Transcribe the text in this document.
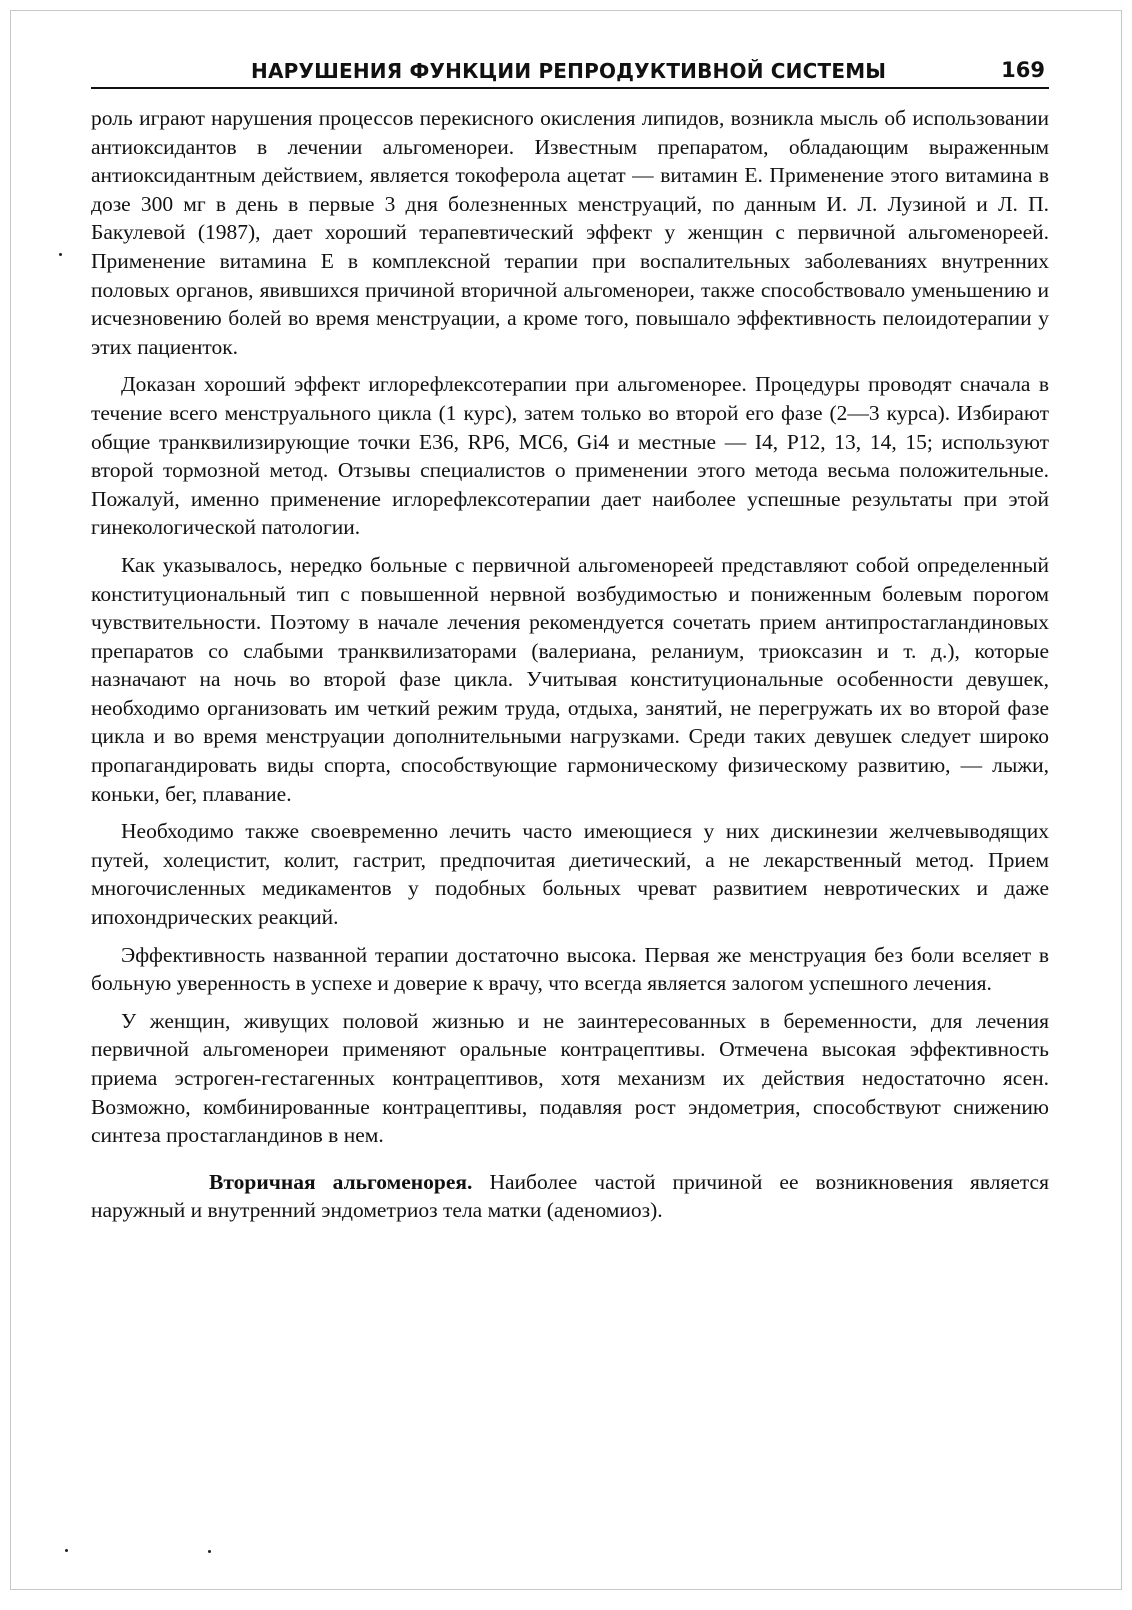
НАРУШЕНИЯ ФУНКЦИИ РЕПРОДУКТИВНОЙ СИСТЕМЫ	169

роль играют нарушения процессов перекисного окисления липидов, возникла мысль об использовании антиоксидантов в лечении альгоменореи. Известным препаратом, обладающим выраженным антиоксидантным действием, является токоферола ацетат — витамин Е. Применение этого витамина в дозе 300 мг в день в первые 3 дня болезненных менструаций, по данным И. Л. Лузиной и Л. П. Бакулевой (1987), дает хороший терапевтический эффект у женщин с первичной альгоменореей. Применение витамина Е в комплексной терапии при воспалительных заболеваниях внутренних половых органов, явившихся причиной вторичной альгоменореи, также способствовало уменьшению и исчезновению болей во время менструации, а кроме того, повышало эффективность пелоидотерапии у этих пациенток.

Доказан хороший эффект иглорефлексотерапии при альгоменорее. Процедуры проводят сначала в течение всего менструального цикла (1 курс), затем только во второй его фазе (2—3 курса). Избирают общие транквилизирующие точки E36, RP6, MC6, Gi4 и местные — I4, P12, 13, 14, 15; используют второй тормозной метод. Отзывы специалистов о применении этого метода весьма положительные. Пожалуй, именно применение иглорефлексотерапии дает наиболее успешные результаты при этой гинекологической патологии.

Как указывалось, нередко больные с первичной альгоменореей представляют собой определенный конституциональный тип с повышенной нервной возбудимостью и пониженным болевым порогом чувствительности. Поэтому в начале лечения рекомендуется сочетать прием антипростагландиновых препаратов со слабыми транквилизаторами (валериана, реланиум, триоксазин и т. д.), которые назначают на ночь во второй фазе цикла. Учитывая конституциональные особенности девушек, необходимо организовать им четкий режим труда, отдыха, занятий, не перегружать их во второй фазе цикла и во время менструации дополнительными нагрузками. Среди таких девушек следует широко пропагандировать виды спорта, способствующие гармоническому физическому развитию, — лыжи, коньки, бег, плавание.

Необходимо также своевременно лечить часто имеющиеся у них дискинезии желчевыводящих путей, холецистит, колит, гастрит, предпочитая диетический, а не лекарственный метод. Прием многочисленных медикаментов у подобных больных чреват развитием невротических и даже ипохондрических реакций.

Эффективность названной терапии достаточно высока. Первая же менструация без боли вселяет в больную уверенность в успехе и доверие к врачу, что всегда является залогом успешного лечения.

У женщин, живущих половой жизнью и не заинтересованных в беременности, для лечения первичной альгоменореи применяют оральные контрацептивы. Отмечена высокая эффективность приема эстроген-гестагенных контрацептивов, хотя механизм их действия недостаточно ясен. Возможно, комбинированные контрацептивы, подавляя рост эндометрия, способствуют снижению синтеза простагландинов в нем.

Вторичная альгоменорея. Наиболее частой причиной ее возникновения является наружный и внутренний эндометриоз тела матки (аденомиоз).
